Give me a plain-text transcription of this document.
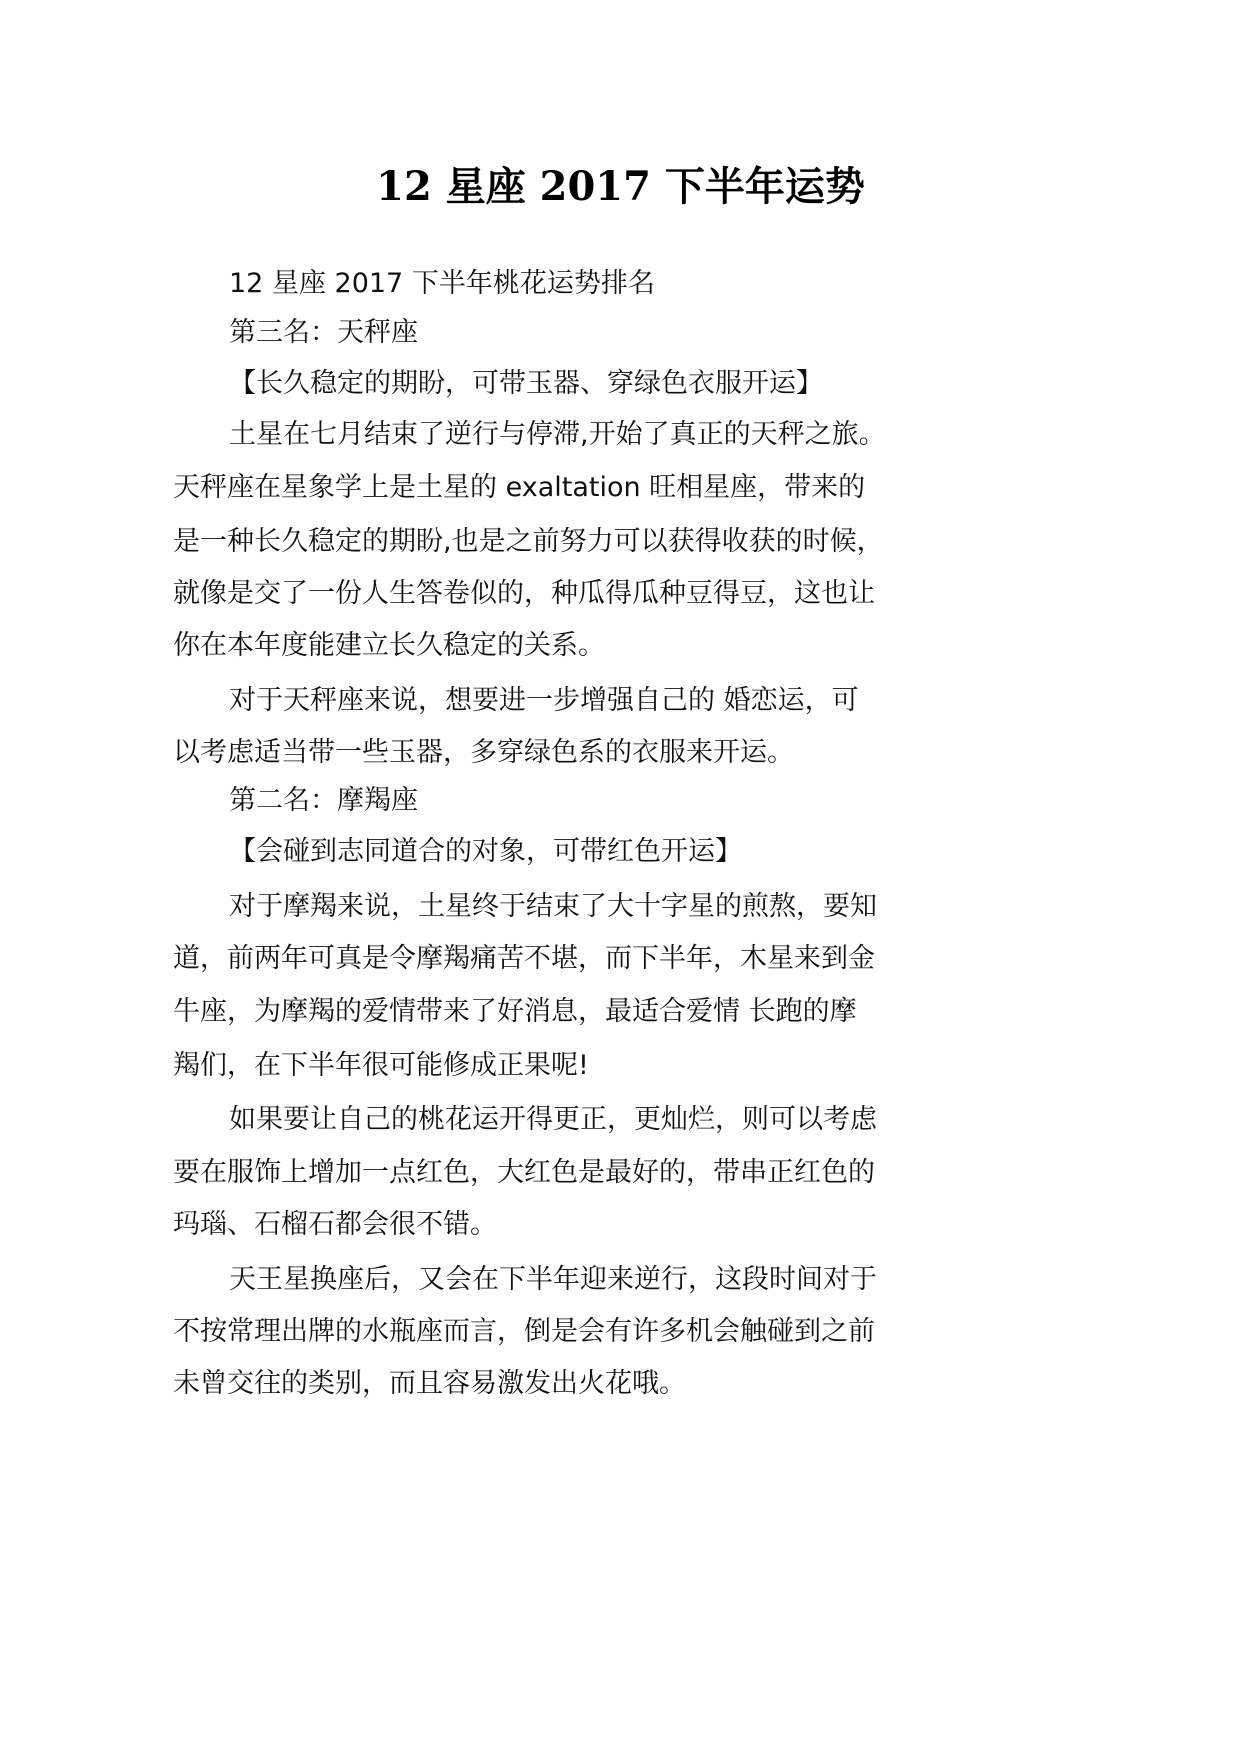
12 星座 2017 下半年运势

12 星座 2017 下半年桃花运势排名

第三名：天秤座

【长久稳定的期盼，可带玉器、穿绿色衣服开运】

土星在七月结束了逆行与停滞,开始了真正的天秤之旅。

天秤座在星象学上是土星的 exaltation 旺相星座，带来的

是一种长久稳定的期盼,也是之前努力可以获得收获的时候，

就像是交了一份人生答卷似的，种瓜得瓜种豆得豆，这也让

你在本年度能建立长久稳定的关系。

对于天秤座来说，想要进一步增强自己的 婚恋运，可

以考虑适当带一些玉器，多穿绿色系的衣服来开运。

第二名：摩羯座

【会碰到志同道合的对象，可带红色开运】

对于摩羯来说，土星终于结束了大十字星的煎熬，要知

道，前两年可真是令摩羯痛苦不堪，而下半年，木星来到金

牛座，为摩羯的爱情带来了好消息，最适合爱情 长跑的摩

羯们，在下半年很可能修成正果呢!

如果要让自己的桃花运开得更正，更灿烂，则可以考虑

要在服饰上增加一点红色，大红色是最好的，带串正红色的

玛瑙、石榴石都会很不错。

天王星换座后，又会在下半年迎来逆行，这段时间对于

不按常理出牌的水瓶座而言，倒是会有许多机会触碰到之前

未曾交往的类别，而且容易激发出火花哦。
